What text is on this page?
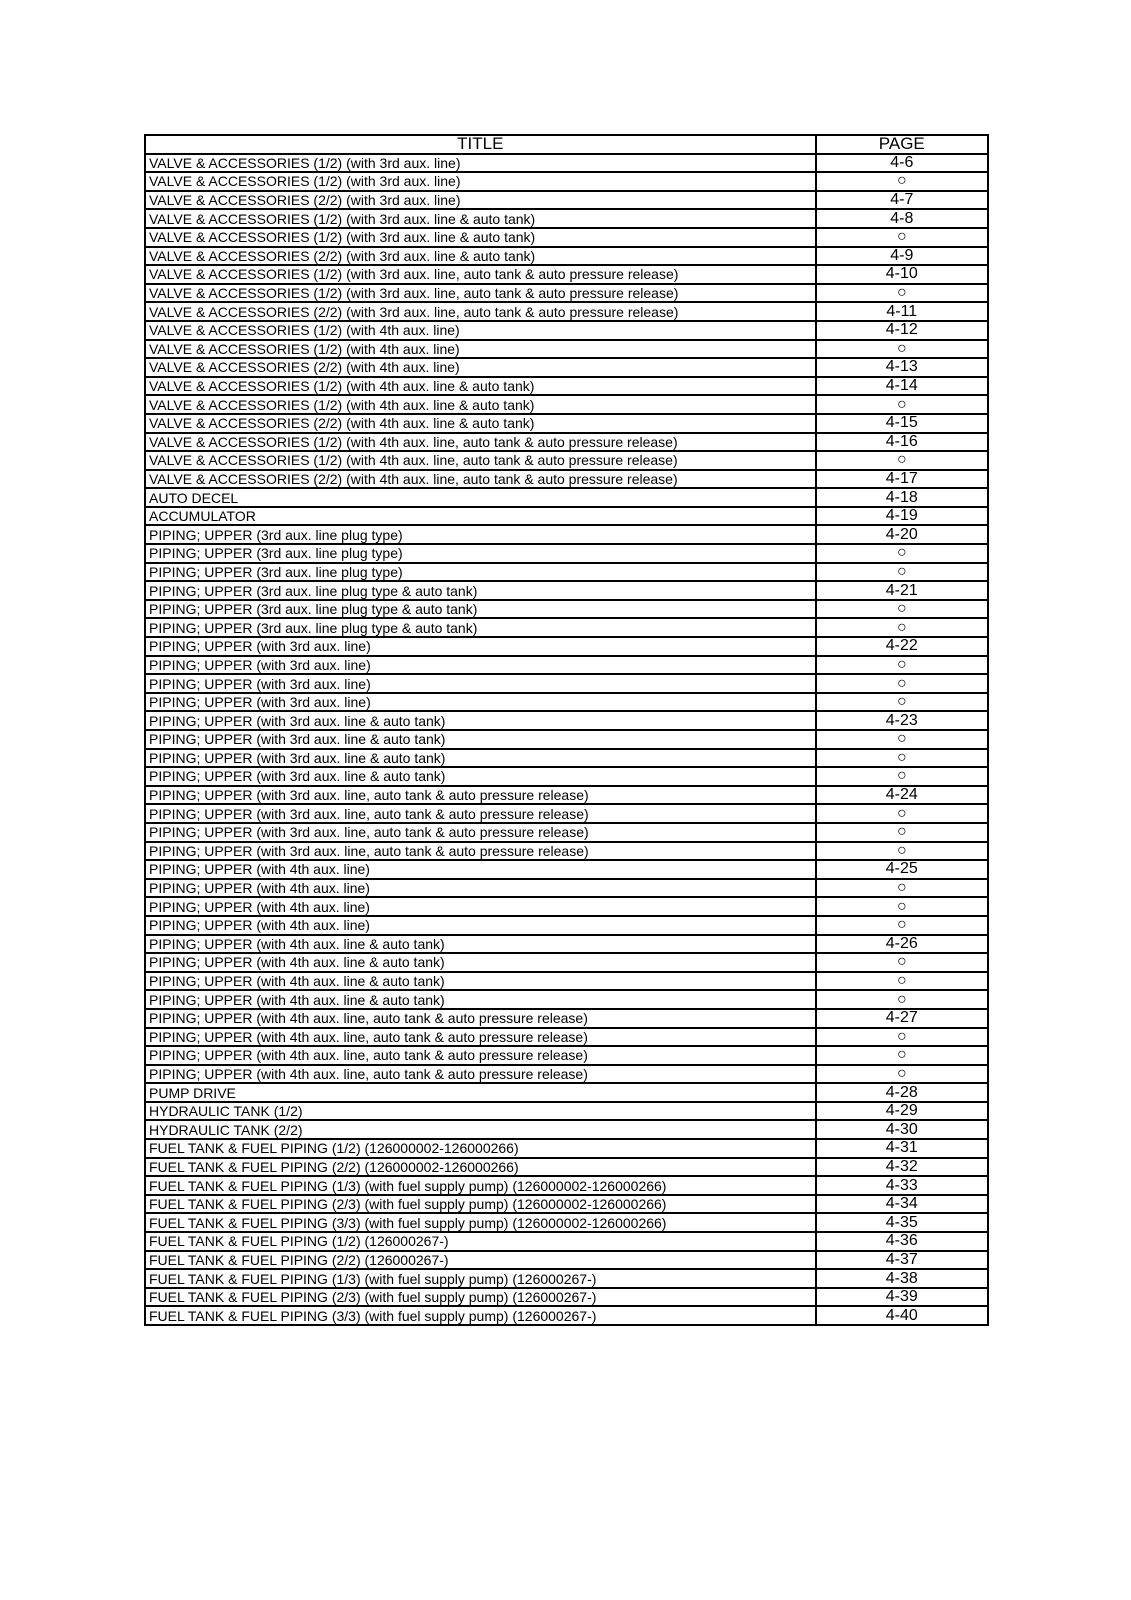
TITLE	PAGE
VALVE & ACCESSORIES (1/2) (with 3rd aux. line)	4-6
VALVE & ACCESSORIES (1/2) (with 3rd aux. line)	○
VALVE & ACCESSORIES (2/2) (with 3rd aux. line)	4-7
VALVE & ACCESSORIES (1/2) (with 3rd aux. line & auto tank)	4-8
VALVE & ACCESSORIES (1/2) (with 3rd aux. line & auto tank)	○
VALVE & ACCESSORIES (2/2) (with 3rd aux. line & auto tank)	4-9
VALVE & ACCESSORIES (1/2) (with 3rd aux. line, auto tank & auto pressure release)	4-10
VALVE & ACCESSORIES (1/2) (with 3rd aux. line, auto tank & auto pressure release)	○
VALVE & ACCESSORIES (2/2) (with 3rd aux. line, auto tank & auto pressure release)	4-11
VALVE & ACCESSORIES (1/2) (with 4th aux. line)	4-12
VALVE & ACCESSORIES (1/2) (with 4th aux. line)	○
VALVE & ACCESSORIES (2/2) (with 4th aux. line)	4-13
VALVE & ACCESSORIES (1/2) (with 4th aux. line & auto tank)	4-14
VALVE & ACCESSORIES (1/2) (with 4th aux. line & auto tank)	○
VALVE & ACCESSORIES (2/2) (with 4th aux. line & auto tank)	4-15
VALVE & ACCESSORIES (1/2) (with 4th aux. line, auto tank & auto pressure release)	4-16
VALVE & ACCESSORIES (1/2) (with 4th aux. line, auto tank & auto pressure release)	○
VALVE & ACCESSORIES (2/2) (with 4th aux. line, auto tank & auto pressure release)	4-17
AUTO DECEL	4-18
ACCUMULATOR	4-19
PIPING; UPPER (3rd aux. line plug type)	4-20
PIPING; UPPER (3rd aux. line plug type)	○
PIPING; UPPER (3rd aux. line plug type)	○
PIPING; UPPER (3rd aux. line plug type & auto tank)	4-21
PIPING; UPPER (3rd aux. line plug type & auto tank)	○
PIPING; UPPER (3rd aux. line plug type & auto tank)	○
PIPING; UPPER (with 3rd aux. line)	4-22
PIPING; UPPER (with 3rd aux. line)	○
PIPING; UPPER (with 3rd aux. line)	○
PIPING; UPPER (with 3rd aux. line)	○
PIPING; UPPER (with 3rd aux. line & auto tank)	4-23
PIPING; UPPER (with 3rd aux. line & auto tank)	○
PIPING; UPPER (with 3rd aux. line & auto tank)	○
PIPING; UPPER (with 3rd aux. line & auto tank)	○
PIPING; UPPER (with 3rd aux. line, auto tank & auto pressure release)	4-24
PIPING; UPPER (with 3rd aux. line, auto tank & auto pressure release)	○
PIPING; UPPER (with 3rd aux. line, auto tank & auto pressure release)	○
PIPING; UPPER (with 3rd aux. line, auto tank & auto pressure release)	○
PIPING; UPPER (with 4th aux. line)	4-25
PIPING; UPPER (with 4th aux. line)	○
PIPING; UPPER (with 4th aux. line)	○
PIPING; UPPER (with 4th aux. line)	○
PIPING; UPPER (with 4th aux. line & auto tank)	4-26
PIPING; UPPER (with 4th aux. line & auto tank)	○
PIPING; UPPER (with 4th aux. line & auto tank)	○
PIPING; UPPER (with 4th aux. line & auto tank)	○
PIPING; UPPER (with 4th aux. line, auto tank & auto pressure release)	4-27
PIPING; UPPER (with 4th aux. line, auto tank & auto pressure release)	○
PIPING; UPPER (with 4th aux. line, auto tank & auto pressure release)	○
PIPING; UPPER (with 4th aux. line, auto tank & auto pressure release)	○
PUMP DRIVE	4-28
HYDRAULIC TANK (1/2)	4-29
HYDRAULIC TANK (2/2)	4-30
FUEL TANK & FUEL PIPING (1/2) (126000002-126000266)	4-31
FUEL TANK & FUEL PIPING (2/2) (126000002-126000266)	4-32
FUEL TANK & FUEL PIPING (1/3) (with fuel supply pump) (126000002-126000266)	4-33
FUEL TANK & FUEL PIPING (2/3) (with fuel supply pump) (126000002-126000266)	4-34
FUEL TANK & FUEL PIPING (3/3) (with fuel supply pump) (126000002-126000266)	4-35
FUEL TANK & FUEL PIPING (1/2) (126000267-)	4-36
FUEL TANK & FUEL PIPING (2/2) (126000267-)	4-37
FUEL TANK & FUEL PIPING (1/3) (with fuel supply pump) (126000267-)	4-38
FUEL TANK & FUEL PIPING (2/3) (with fuel supply pump) (126000267-)	4-39
FUEL TANK & FUEL PIPING (3/3) (with fuel supply pump) (126000267-)	4-40
